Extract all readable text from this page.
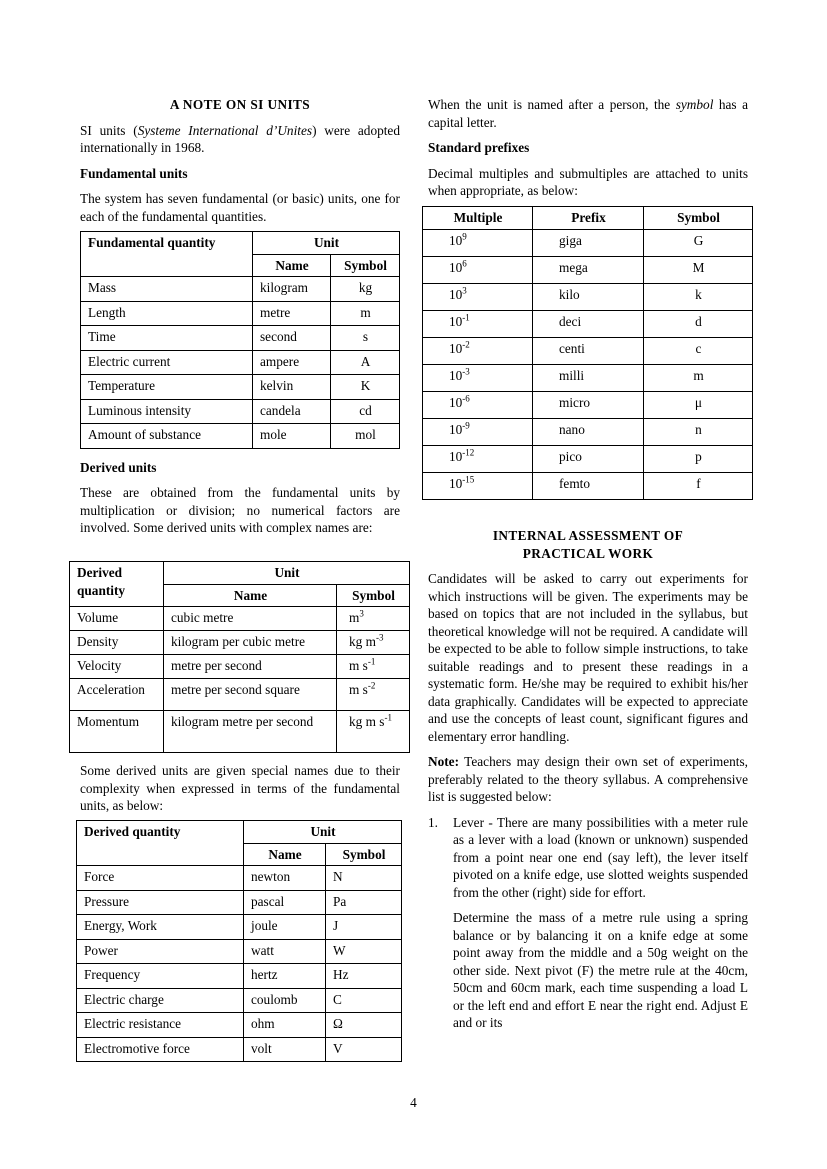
A NOTE ON SI UNITS

SI units (Systeme International d’Unites) were adopted internationally in 1968.

Fundamental units

The system has seven fundamental (or basic) units, one for each of the fundamental quantities.

Fundamental quantity	Unit	
	Name	Symbol
Mass	kilogram	kg
Length	metre	m
Time	second	s
Electric current	ampere	A
Temperature	kelvin	K
Luminous intensity	candela	cd
Amount of substance	mole	mol

Derived units

These are obtained from the fundamental units by multiplication or division; no numerical factors are involved. Some derived units with complex names are:

Derived quantity	Unit	
	Name	Symbol
Volume	cubic metre	$m^3$
Density	kilogram per cubic metre	kg $m^{-3}$
Velocity	metre per second	m $s^{-1}$
Acceleration	metre per second square	m $s^{-2}$
Momentum	kilogram metre per second	kg m $s^{-1}$

Some derived units are given special names due to their complexity when expressed in terms of the fundamental units, as below:

Derived quantity	Unit	
	Name	Symbol
Force	newton	N
Pressure	pascal	Pa
Energy, Work	joule	J
Power	watt	W
Frequency	hertz	Hz
Electric charge	coulomb	C
Electric resistance	ohm	Ω
Electromotive force	volt	V

When the unit is named after a person, the symbol has a capital letter.

Standard prefixes

Decimal multiples and submultiples are attached to units when appropriate, as below:

Multiple	Prefix	Symbol
$10^9$	giga	G
$10^6$	mega	M
$10^3$	kilo	k
$10^{-1}$	deci	d
$10^{-2}$	centi	c
$10^{-3}$	milli	m
$10^{-6}$	micro	μ
$10^{-9}$	nano	n
$10^{-12}$	pico	p
$10^{-15}$	femto	f

INTERNAL ASSESSMENT OF

PRACTICAL WORK

Candidates will be asked to carry out experiments for which instructions will be given. The experiments may be based on topics that are not included in the syllabus, but theoretical knowledge will not be required. A candidate will be expected to be able to follow simple instructions, to take suitable readings and to present these readings in a systematic form. He/she may be required to exhibit his/her data graphically. Candidates will be expected to appreciate and use the concepts of least count, significant figures and elementary error handling.

Note: Teachers may design their own set of experiments, preferably related to the theory syllabus. A comprehensive list is suggested below:

1. Lever - There are many possibilities with a meter rule as a lever with a load (known or unknown) suspended from a point near one end (say left), the lever itself pivoted on a knife edge, use slotted weights suspended from the other (right) side for effort.

Determine the mass of a metre rule using a spring balance or by balancing it on a knife edge at some point away from the middle and a 50g weight on the other side. Next pivot (F) the metre rule at the 40cm, 50cm and 60cm mark, each time suspending a load L or the left end and effort E near the right end. Adjust E and or its

4
